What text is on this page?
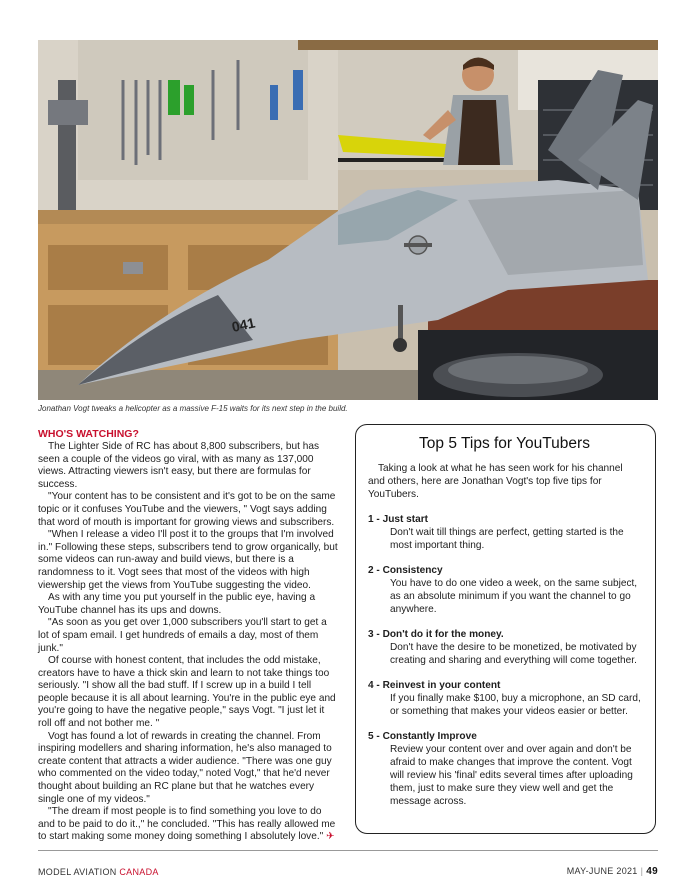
041
Jonathan Vogt tweaks a helicopter as a massive F-15 waits for its next step in the build.
WHO'S WATCHING?

The Lighter Side of RC has about 8,800 subscribers, but has seen a couple of the videos go viral, with as many as 137,000 views. Attracting viewers isn't easy, but there are formulas for success.

"Your content has to be consistent and it's got to be on the same topic or it confuses YouTube and the viewers, " Vogt says adding that word of mouth is important for growing views and subscribers.

"When I release a video I'll post it to the groups that I'm involved in." Following these steps, subscribers tend to grow organically, but some videos can run-away and build views, but there is a randomness to it. Vogt sees that most of the videos with high viewership get the views from YouTube suggesting the video.

As with any time you put yourself in the public eye, having a YouTube channel has its ups and downs.

"As soon as you get over 1,000 subscribers you'll start to get a lot of spam email. I get hundreds of emails a day, most of them junk."

Of course with honest content, that includes the odd mistake, creators have to have a thick skin and learn to not take things too seriously. "I show all the bad stuff. If I screw up in a build I tell people because it is all about learning. You're in the public eye and you're going to have the negative people," says Vogt. "I just let it roll off and not bother me. "

Vogt has found a lot of rewards in creating the channel. From inspiring modellers and sharing information, he's also managed to create content that attracts a wider audience. "There was one guy who commented on the video today," noted Vogt," that he'd never thought about building an RC plane but that he watches every single one of my videos."

"The dream if most people is to find something you love to do and to be paid to do it.," he concluded. "This has really allowed me to start making some money doing something I absolutely love." ✈

Top 5 Tips for YouTubers

Taking a look at what he has seen work for his channel and others, here are Jonathan Vogt's top five tips for YouTubers.

1 - Just start
Don't wait till things are perfect, getting started is the most important thing.
2 - Consistency
You have to do one video a week, on the same subject, as an absolute minimum if you want the channel to go anywhere.
3 - Don't do it for the money.
Don't have the desire to be monetized, be motivated by creating and sharing and everything will come together.
4 - Reinvest in your content
If you finally make $100, buy a microphone, an SD card, or something that makes your videos easier or better.
5 - Constantly Improve
Review your content over and over again and don't be afraid to make changes that improve the content. Vogt will review his 'final' edits several times after uploading them, just to make sure they view well and get the message across.
MODEL AVIATION CANADA	MAY-JUNE 2021 | 49
